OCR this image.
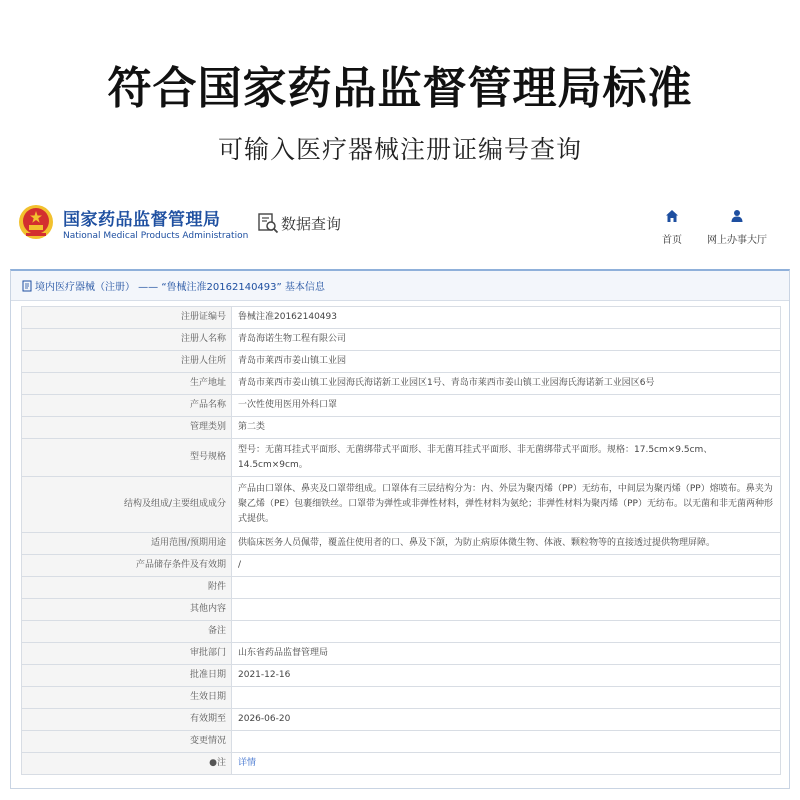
符合国家药品监督管理局标准
可输入医疗器械注册证编号查询
国家药品监督管理局
National Medical Products Administration
数据查询
首页	网上办事大厅
境内医疗器械（注册） —— “鲁械注准20162140493” 基本信息
注册证编号	鲁械注准20162140493
注册人名称	青岛海诺生物工程有限公司
注册人住所	青岛市莱西市姜山镇工业园
生产地址	青岛市莱西市姜山镇工业园海氏海诺新工业园区1号、青岛市莱西市姜山镇工业园海氏海诺新工业园区6号
产品名称	一次性使用医用外科口罩
管理类别	第二类
型号规格	型号：无菌耳挂式平面形、无菌绑带式平面形、非无菌耳挂式平面形、非无菌绑带式平面形。规格：17.5cm×9.5cm、14.5cm×9cm。
结构及组成/主要组成成分	产品由口罩体、鼻夹及口罩带组成。口罩体有三层结构分为：内、外层为聚丙烯（PP）无纺布，中间层为聚丙烯（PP）熔喷布。鼻夹为聚乙烯（PE）包裹细铁丝。口罩带为弹性或非弹性材料，弹性材料为氨纶；非弹性材料为聚丙烯（PP）无纺布。以无菌和非无菌两种形式提供。
适用范围/预期用途	供临床医务人员佩带，覆盖住使用者的口、鼻及下颌，为防止病原体微生物、体液、颗粒物等的直接透过提供物理屏障。
产品储存条件及有效期	/
附件	
其他内容	
备注	
审批部门	山东省药品监督管理局
批准日期	2021-12-16
生效日期	
有效期至	2026-06-20
变更情况	
●注	详情
